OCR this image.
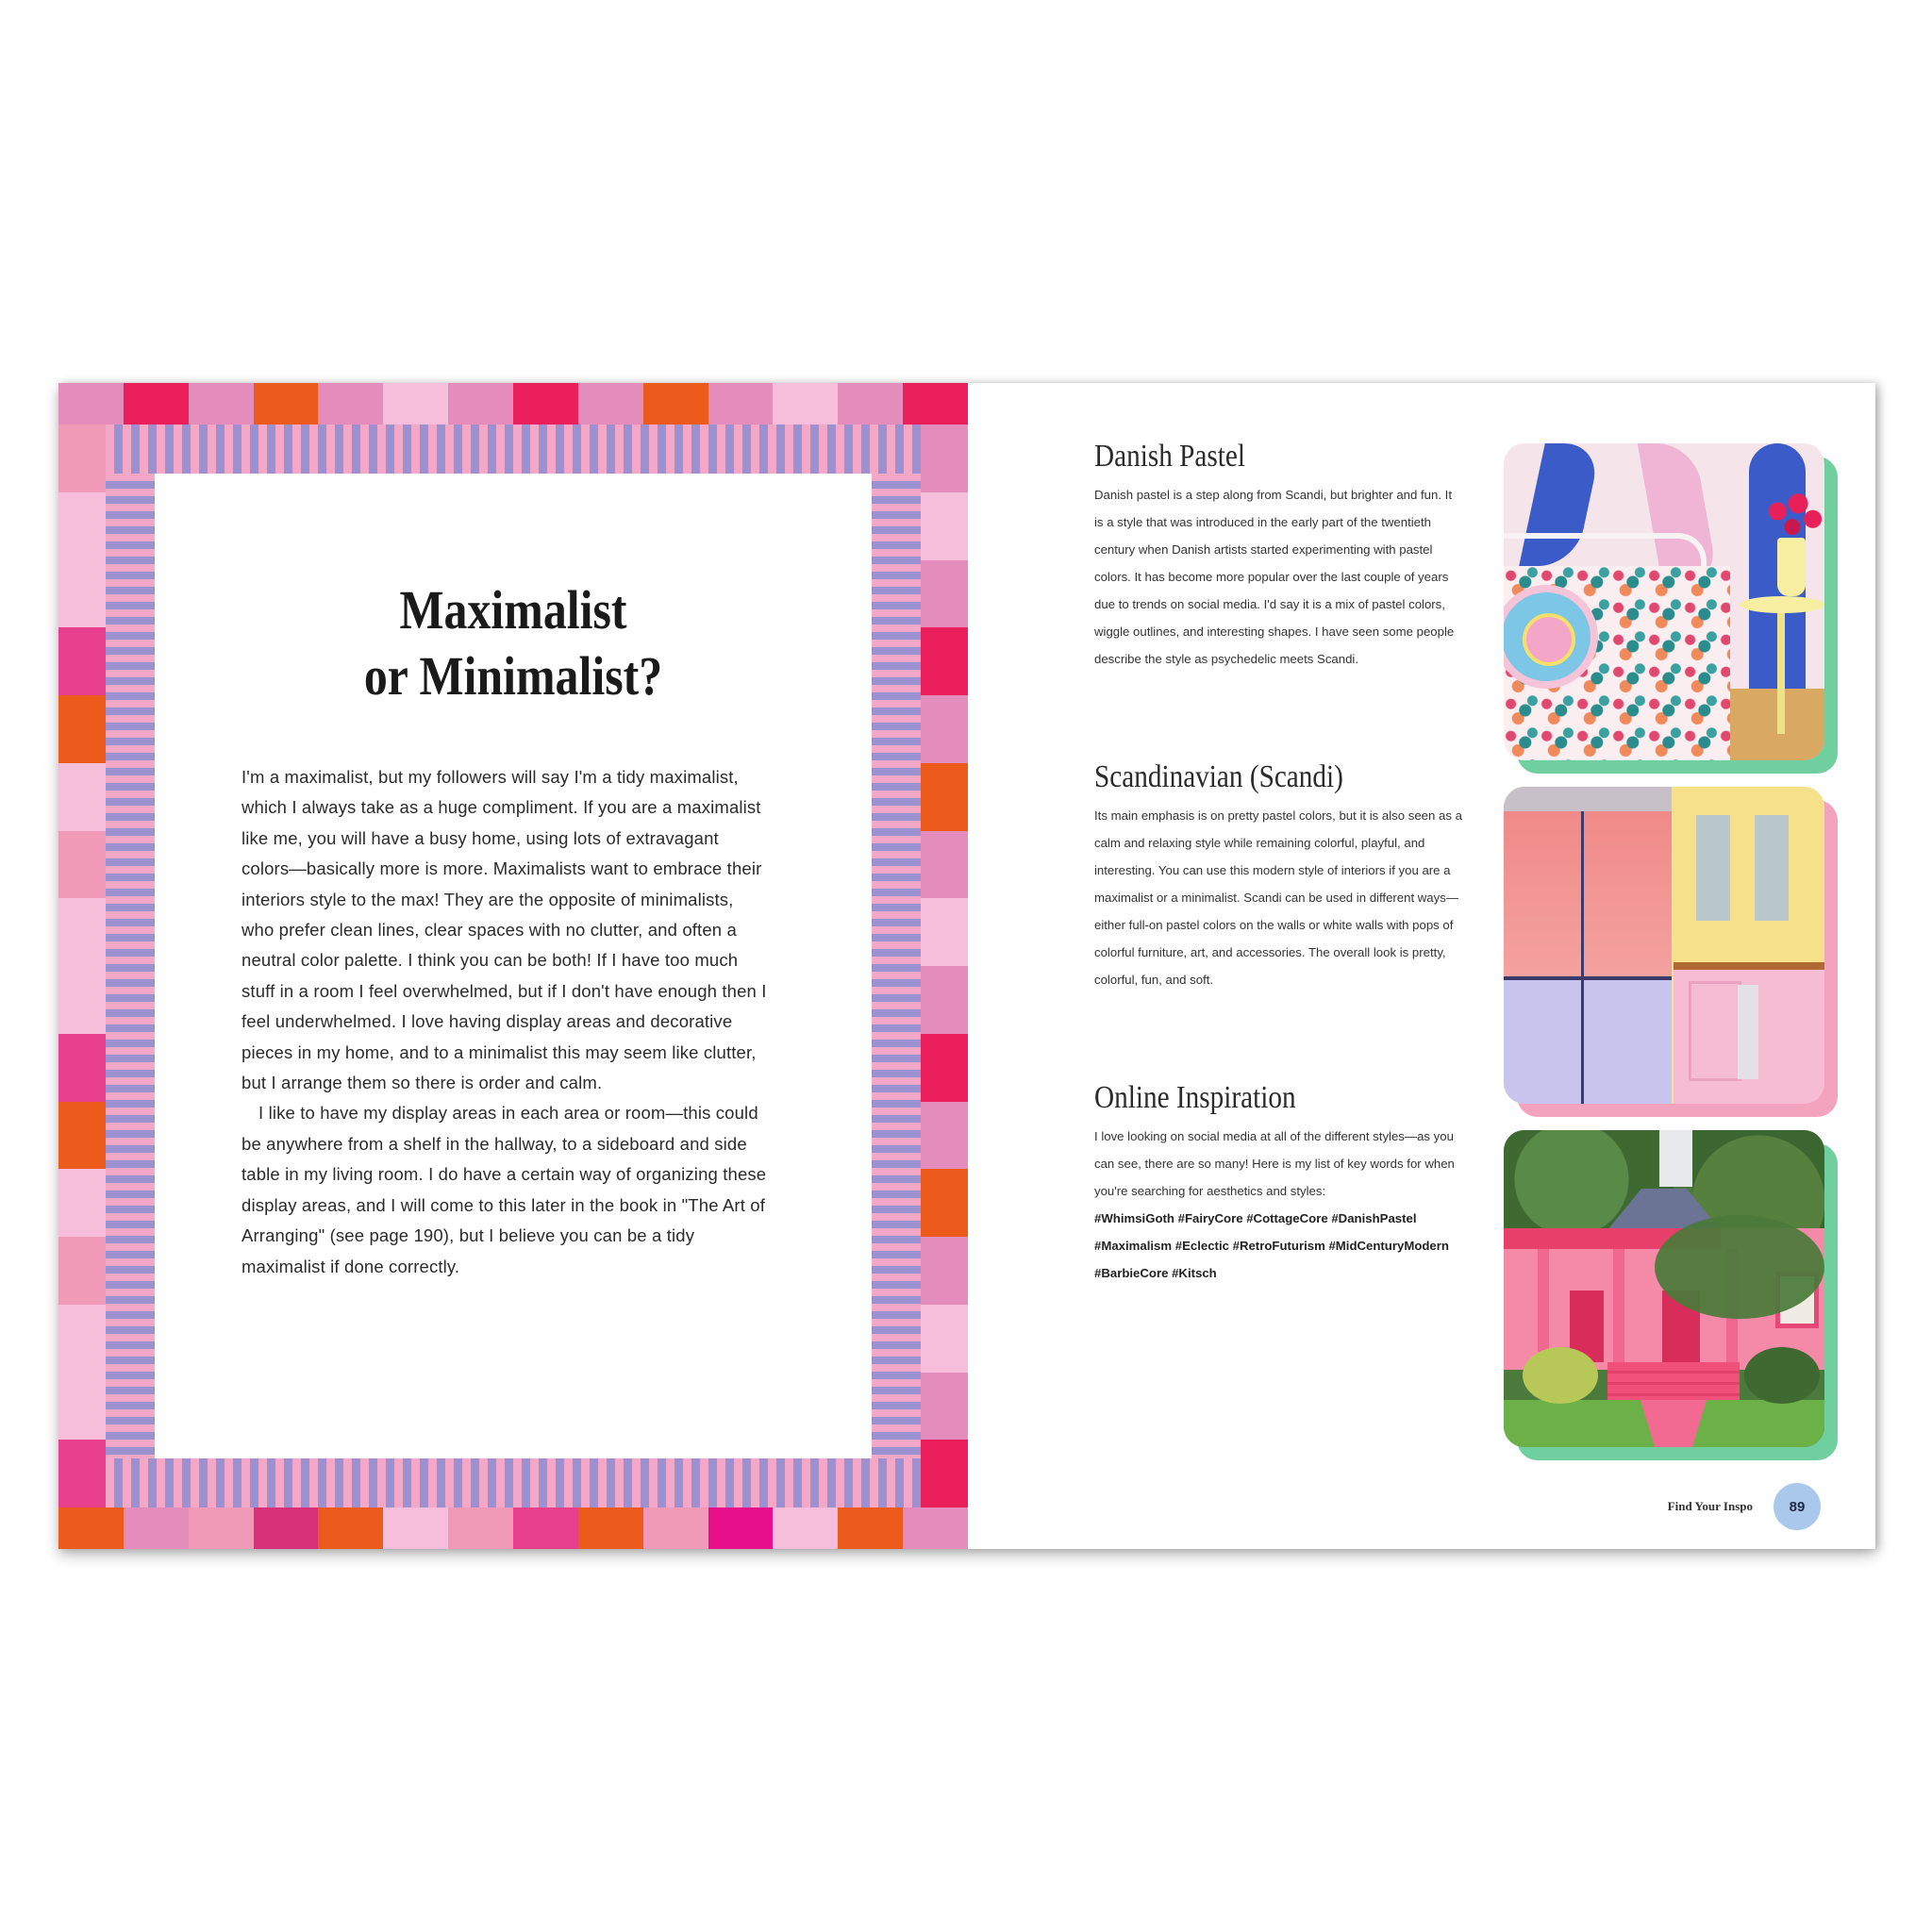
Maximalist
or Minimalist?

I'm a maximalist, but my followers will say I'm a tidy maximalist, which I always take as a huge compliment. If you are a maximalist like me, you will have a busy home, using lots of extravagant colors—basically more is more. Maximalists want to embrace their interiors style to the max! They are the opposite of minimalists, who prefer clean lines, clear spaces with no clutter, and often a neutral color palette. I think you can be both! If I have too much stuff in a room I feel overwhelmed, but if I don't have enough then I feel underwhelmed. I love having display areas and decorative pieces in my home, and to a minimalist this may seem like clutter, but I arrange them so there is order and calm.

I like to have my display areas in each area or room—this could be anywhere from a shelf in the hallway, to a sideboard and side table in my living room. I do have a certain way of organizing these display areas, and I will come to this later in the book in "The Art of Arranging" (see page 190), but I believe you can be a tidy maximalist if done correctly.

Danish Pastel

Danish pastel is a step along from Scandi, but brighter and fun. It is a style that was introduced in the early part of the twentieth century when Danish artists started experimenting with pastel colors. It has become more popular over the last couple of years due to trends on social media. I'd say it is a mix of pastel colors, wiggle outlines, and interesting shapes. I have seen some people describe the style as psychedelic meets Scandi.

Scandinavian (Scandi)

Its main emphasis is on pretty pastel colors, but it is also seen as a calm and relaxing style while remaining colorful, playful, and interesting. You can use this modern style of interiors if you are a maximalist or a minimalist. Scandi can be used in different ways—either full-on pastel colors on the walls or white walls with pops of colorful furniture, art, and accessories. The overall look is pretty, colorful, fun, and soft.

Online Inspiration

I love looking on social media at all of the different styles—as you can see, there are so many! Here is my list of key words for when you're searching for aesthetics and styles:

#WhimsiGoth #FairyCore #CottageCore #DanishPastel #Maximalism #Eclectic #RetroFuturism #MidCenturyModern #BarbieCore #Kitsch
Find Your Inspo	89
